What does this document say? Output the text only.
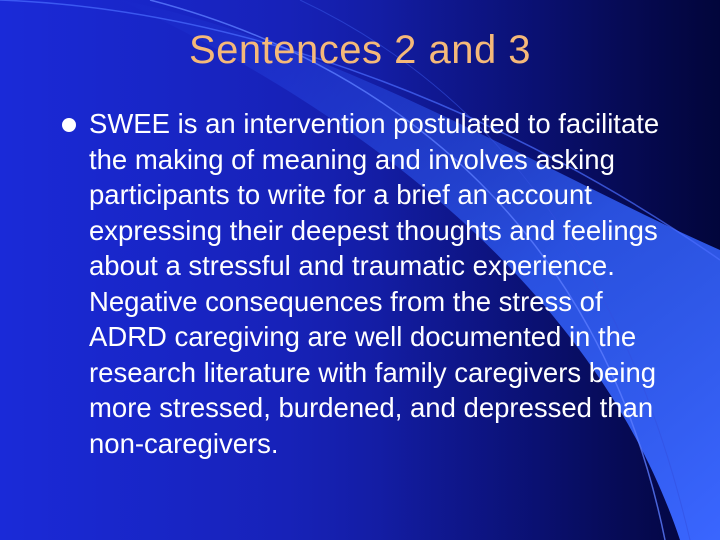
Sentences 2 and 3
SWEE is an intervention postulated to facilitate the making of meaning and involves asking participants to write for a brief an account expressing their deepest thoughts and feelings about a stressful and traumatic experience. Negative consequences from the stress of ADRD caregiving are well documented in the research literature with family caregivers being more stressed, burdened, and depressed than non-caregivers.
